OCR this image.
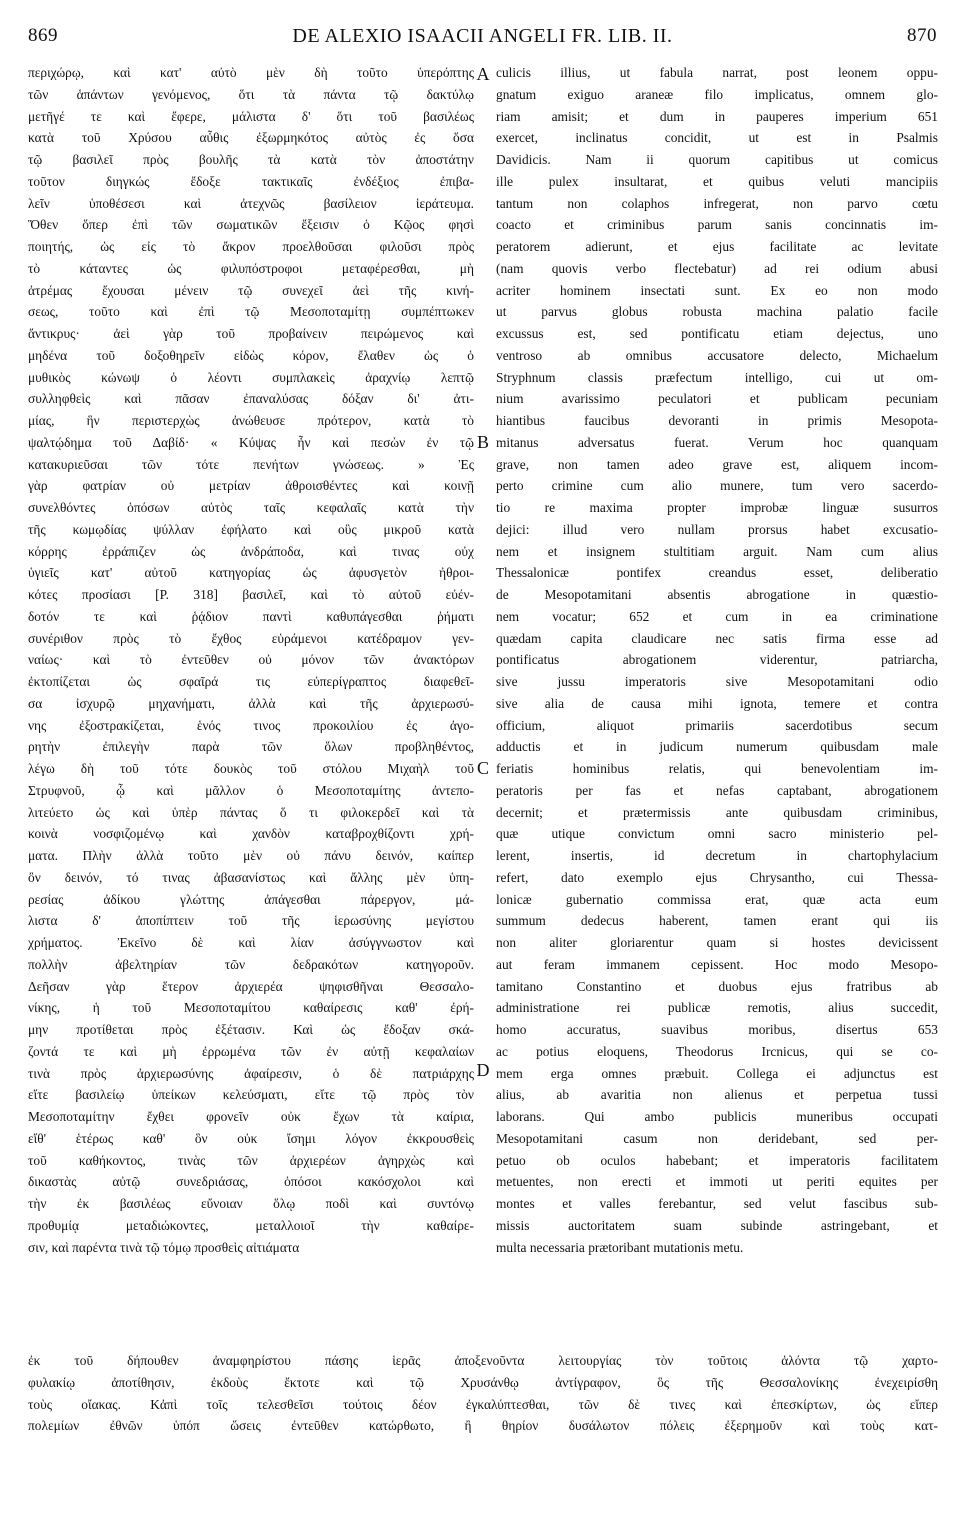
869	DE ALEXIO ISAACII ANGELI FR. LIB. II.	870
περιχώρῳ, καὶ κατ' αὐτὸ μὲν δὴ τοῦτο ὑπερόπτης
τῶν ἁπάντων γενόμενος, ὅτι τὰ πάντα τῷ δακτύλῳ
μετῆγέ τε καὶ ἔφερε, μάλιστα δ' ὅτι τοῦ βασιλέως
κατὰ τοῦ Χρύσου αὖθις ἐξωρμηκότος αὐτὸς ἐς ὅσα
τῷ βασιλεῖ πρὸς βουλῆς τὰ κατὰ τὸν ἀποστάτην
τοῦτον διηγκώς ἔδοξε τακτικαῖς ἐνδέξιος ἐπιβα-
λεῖν ὑποθέσεσι καὶ ἀτεχνῶς βασίλειον ἱεράτευμα.
Ὅθεν ὅπερ ἐπὶ τῶν σωματικῶν ἔξεισιν ὁ Κῷος φησὶ
ποιητής, ὡς εἰς τὸ ἄκρον προελθοῦσαι φιλοῦσι πρὸς
τὸ κάταντες ὡς φιλυπόστροφοι μεταφέρεσθαι, μὴ
ἀτρέμας ἔχουσαι μένειν τῷ συνεχεῖ ἀεὶ τῆς κινή-
σεως, τοῦτο καὶ ἐπὶ τῷ Μεσοποταμίτῃ συμπέπτωκεν
ἄντικρυς· ἀεὶ γὰρ τοῦ προβαίνειν πειρώμενος καὶ
μηδένα τοῦ δοξοθηρεῖν εἰδὼς κόρον, ἔλαθεν ὡς ὁ
μυθικὸς κώνωψ ὁ λέοντι συμπλακεὶς ἀραχνίῳ λεπτῷ
συλληφθεὶς καὶ πᾶσαν ἐπαναλύσας δόξαν δι' ἀτι-
μίας, ἣν περιστερχὼς ἀνώθευσε πρότερον, κατὰ τὸ
ψαλτῴδημα τοῦ Δαβίδ· « Κύψας ἦν καὶ πεσὼν ἐν τῷ
κατακυριεῦσαι τῶν τότε πενήτων γνώσεως. » Ἐς
γὰρ φατρίαν οὐ μετρίαν ἀθροισθέντες καὶ κοινῇ
συνελθόντες ὁπόσων αὐτὸς ταῖς κεφαλαῖς κατὰ τὴν
τῆς κωμῳδίας ψύλλαν ἐφήλατο καὶ οὓς μικροῦ κατὰ
κόρρης ἐρράπιζεν ὡς ἀνδράποδα, καὶ τινας οὐχ
ὑγιεῖς κατ' αὐτοῦ κατηγορίας ὡς ἀφυσγετὸν ἠθροι-
κότες προσίασι [P. 318] βασιλεῖ, καὶ τὸ αὐτοῦ εὐέν-
δοτόν τε καὶ ῥᾴδιον παντὶ καθυπάγεσθαι ῥήματι
συνέριθον πρὸς τὸ ἔχθος εὑράμενοι κατέδραμον γεν-
ναίως· καὶ τὸ ἐντεῦθεν οὐ μόνον τῶν ἀνακτόρων
ἐκτοπίζεται ὡς σφαῖρά τις εὐπερίγραπτος διαφεθεῖ-
σα ἰσχυρῷ μηχανήματι, ἀλλὰ καὶ τῆς ἀρχιερωσύ-
νης ἐξοστρακίζεται, ἑνός τινος προκοιλίου ἐς ἀγο-
ρητὴν ἐπιλεγὴν παρὰ τῶν ὅλων προβληθέντος,
λέγω δὴ τοῦ τότε δουκὸς τοῦ στόλου Μιχαὴλ τοῦ
Στρυφνοῦ, ᾧ καὶ μᾶλλον ὁ Μεσοποταμίτης ἀντεπο-
λιτεύετο ὡς καὶ ὑπὲρ πάντας ὅ τι φιλοκερδεῖ καὶ τὰ
κοινὰ νοσφιζομένῳ καὶ χανδὸν καταβροχθίζοντι χρή-
ματα. Πλὴν ἀλλὰ τοῦτο μὲν οὐ πάνυ δεινόν, καίπερ
ὂν δεινόν, τό τινας ἀβασανίστως καὶ ἄλλης μὲν ὑπη-
ρεσίας ἀδίκου γλώττης ἀπάγεσθαι πάρεργον, μά-
λιστα δ' ἀποπίπτειν τοῦ τῆς ἱερωσύνης μεγίστου
χρήματος. Ἐκεῖνο δὲ καὶ λίαν ἀσύγγνωστον καὶ
πολλὴν ἀβελτηρίαν τῶν δεδρακότων κατηγοροῦν.
Δεῆσαν γὰρ ἕτερον ἀρχιερέα ψηφισθῆναι Θεσσαλο-
νίκης, ἡ τοῦ Μεσοποταμίτου καθαίρεσις καθ' ἐρή-
μην προτίθεται πρὸς ἐξέτασιν. Καὶ ὡς ἔδοξαν σκά-
ζοντά τε καὶ μὴ ἐρρωμένα τῶν ἐν αὐτῇ κεφαλαίων
τινὰ πρὸς ἀρχιερωσύνης ἀφαίρεσιν, ὁ δὲ πατριάρχης
εἴτε βασιλείῳ ὑπείκων κελεύσματι, εἴτε τῷ πρὸς τὸν
Μεσοποταμίτην ἔχθει φρονεῖν οὐκ ἔχων τὰ καίρια,
εἴθ' ἑτέρως καθ' ὃν οὐκ ἴσημι λόγον ἐκκρουσθεὶς
τοῦ καθήκοντος, τινὰς τῶν ἀρχιερέων ἀγηρχὼς καὶ
δικαστὰς αὐτῷ συνεδριάσας, ὁπόσοι κακόσχολοι καὶ
τὴν ἐκ βασιλέως εὔνοιαν ὅλῳ ποδὶ καὶ συντόνῳ
προθυμίᾳ μεταδιώκοντες, μεταλλοιοῖ τὴν καθαίρε-
σιν, καὶ παρέντα τινὰ τῷ τόμῳ προσθεὶς αἰτιάματα
culicis illius, ut fabula narrat, post leonem oppu-
gnatum exiguo araneæ filo implicatus, omnem glo-
riam amisit; et dum in pauperes imperium 651
exercet, inclinatus concidit, ut est in Psalmis
Davidicis. Nam ii quorum capitibus ut comicus
ille pulex insultarat, et quibus veluti mancipiis
tantum non colaphos infregerat, non parvo cœtu
coacto et criminibus parum sanis concinnatis im-
peratorem adierunt, et ejus facilitate ac levitate
(nam quovis verbo flectebatur) ad rei odium abusi
acriter hominem insectati sunt. Ex eo non modo
ut parvus globus robusta machina palatio facile
excussus est, sed pontificatu etiam dejectus, uno
ventroso ab omnibus accusatore delecto, Michaelum
Stryphnum classis præfectum intelligo, cui ut om-
nium avarissimo peculatori et publicam pecuniam
hiantibus faucibus devoranti in primis Mesopota-
mitanus adversatus fuerat. Verum hoc quanquam
grave, non tamen adeo grave est, aliquem incom-
perto crimine cum alio munere, tum vero sacerdo-
tio re maxima propter improbæ linguæ susurros
dejici: illud vero nullam prorsus habet excusatio-
nem et insignem stultitiam arguit. Nam cum alius
Thessalonicæ pontifex creandus esset, deliberatio
de Mesopotamitani absentis abrogatione in quæstio-
nem vocatur; 652 et cum in ea criminatione
quædam capita claudicare nec satis firma esse ad
pontificatus abrogationem viderentur, patriarcha,
sive jussu imperatoris sive Mesopotamitani odio
sive alia de causa mihi ignota, temere et contra
officium, aliquot primariis sacerdotibus secum
adductis et in judicum numerum quibusdam male
feriatis hominibus relatis, qui benevolentiam im-
peratoris per fas et nefas captabant, abrogationem
decernit; et prætermissis ante quibusdam criminibus,
quæ utique convictum omni sacro ministerio pel-
lerent, insertis, id decretum in chartophylacium
refert, dato exemplo ejus Chrysantho, cui Thessa-
lonicæ gubernatio commissa erat, quæ acta eum
summum dedecus haberent, tamen erant qui iis
non aliter gloriarentur quam si hostes devicissent
aut feram immanem cepissent. Hoc modo Mesopo-
tamitano Constantino et duobus ejus fratribus ab
administratione rei publicæ remotis, alius succedit,
homo accuratus, suavibus moribus, disertus 653
ac potius eloquens, Theodorus Ircnicus, qui se co-
mem erga omnes præbuit. Collega ei adjunctus est
alius, ab avaritia non alienus et perpetua tussi
laborans. Qui ambo publicis muneribus occupati
Mesopotamitani casum non deridebant, sed per-
petuo ob oculos habebant; et imperatoris facilitatem
metuentes, non erecti et immoti ut periti equites per
montes et valles ferebantur, sed velut fascibus sub-
missis auctoritatem suam subinde astringebant, et
multa necessaria prætoribant mutationis metu.
A
B
C
D
ἐκ τοῦ δήπουθεν ἀναμφηρίστου πάσης ἱερᾶς ἀποξενοῦντα λειτουργίας τὸν τοῦτοις ἁλόντα τῷ χαρτο-
φυλακίῳ ἀποτίθησιν, ἐκδοὺς ἔκτοτε καὶ τῷ Χρυσάνθῳ ἀντίγραφον, ὃς τῆς Θεσσαλονίκης ἐνεχειρίσθη
τοὺς οἴακας. Κἀπὶ τοῖς τελεσθεῖσι τούτοις δέον ἐγκαλύπτεσθαι, τῶν δὲ τινες καὶ ἐπεσκίρτων, ὡς εἴπερ
πολεμίων ἐθνῶν ὑπόπ ὥσεις ἐντεῦθεν κατώρθωτο, ἢ θηρίον δυσάλωτον πόλεις ἐξερημοῦν καὶ τοὺς κατ-
